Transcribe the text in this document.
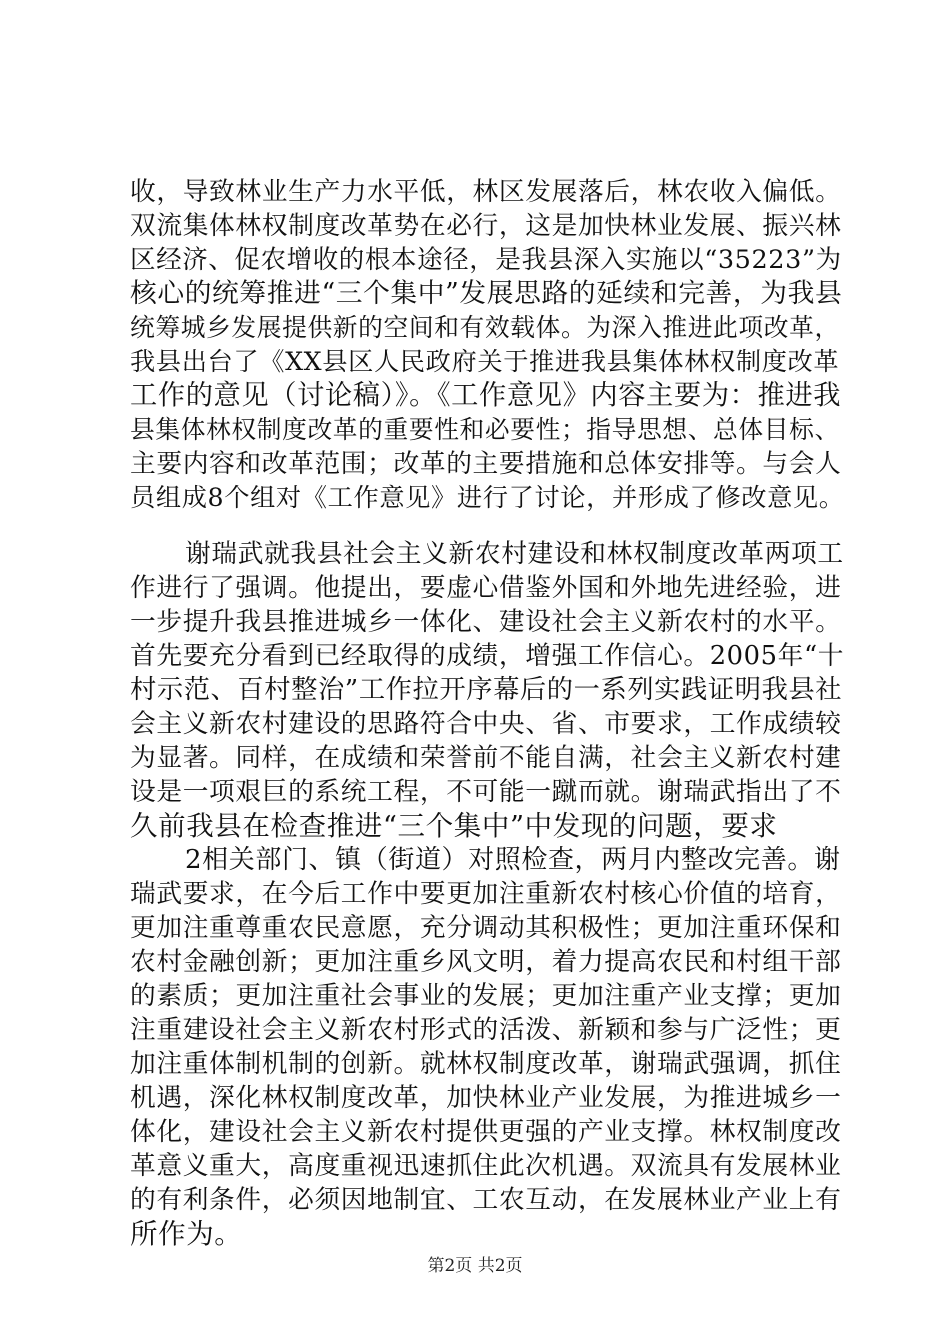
收，导致林业生产力水平低，林区发展落后，林农收入偏低。
双流集体林权制度改革势在必行，这是加快林业发展、振兴林
区经济、促农增收的根本途径，是我县深入实施以“35223”为
核心的统筹推进“三个集中”发展思路的延续和完善，为我县
统筹城乡发展提供新的空间和有效载体。为深入推进此项改革，
我县出台了《XX县区人民政府关于推进我县集体林权制度改革
工作的意见（讨论稿）》。《工作意见》内容主要为：推进我
县集体林权制度改革的重要性和必要性；指导思想、总体目标、
主要内容和改革范围；改革的主要措施和总体安排等。与会人
员组成8个组对《工作意见》进行了讨论，并形成了修改意见。
谢瑞武就我县社会主义新农村建设和林权制度改革两项工
作进行了强调。他提出，要虚心借鉴外国和外地先进经验，进
一步提升我县推进城乡一体化、建设社会主义新农村的水平。
首先要充分看到已经取得的成绩，增强工作信心。2005年“十
村示范、百村整治”工作拉开序幕后的一系列实践证明我县社
会主义新农村建设的思路符合中央、省、市要求，工作成绩较
为显著。同样，在成绩和荣誉前不能自满，社会主义新农村建
设是一项艰巨的系统工程，不可能一蹴而就。谢瑞武指出了不
久前我县在检查推进“三个集中”中发现的问题，要求
2相关部门、镇（街道）对照检查，两月内整改完善。谢
瑞武要求，在今后工作中要更加注重新农村核心价值的培育，
更加注重尊重农民意愿，充分调动其积极性；更加注重环保和
农村金融创新；更加注重乡风文明，着力提高农民和村组干部
的素质；更加注重社会事业的发展；更加注重产业支撑；更加
注重建设社会主义新农村形式的活泼、新颖和参与广泛性；更
加注重体制机制的创新。就林权制度改革，谢瑞武强调，抓住
机遇，深化林权制度改革，加快林业产业发展，为推进城乡一
体化，建设社会主义新农村提供更强的产业支撑。林权制度改
革意义重大，高度重视迅速抓住此次机遇。双流具有发展林业
的有利条件，必须因地制宜、工农互动，在发展林业产业上有
所作为。
第2页 共2页
